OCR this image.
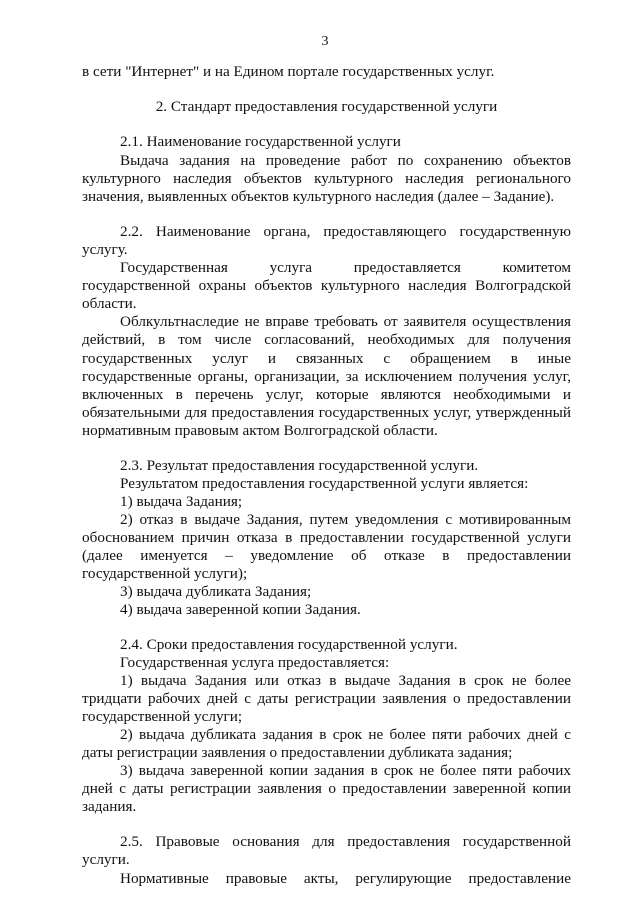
3
в сети "Интернет" и на Едином портале государственных услуг.
2. Стандарт предоставления государственной услуги
2.1. Наименование государственной услуги
Выдача задания на проведение работ по сохранению объектов
культурного наследия объектов культурного наследия регионального
значения, выявленных объектов культурного наследия (далее – Задание).
2.2. Наименование органа, предоставляющего государственную
услугу.
Государственная услуга предоставляется комитетом
государственной охраны объектов культурного наследия Волгоградской
области.
Облкультнаследие не вправе требовать от заявителя осуществления
действий, в том числе согласований, необходимых для получения
государственных услуг и связанных с обращением в иные
государственные органы, организации, за исключением получения услуг,
включенных в перечень услуг, которые являются необходимыми и
обязательными для предоставления государственных услуг, утвержденный
нормативным правовым актом Волгоградской области.
2.3. Результат предоставления государственной услуги.
Результатом предоставления государственной услуги является:
1) выдача Задания;
2) отказ в выдаче Задания, путем уведомления с мотивированным
обоснованием причин отказа в предоставлении государственной услуги
(далее именуется – уведомление об отказе в предоставлении
государственной услуги);
3) выдача дубликата Задания;
4) выдача заверенной копии Задания.
2.4. Сроки предоставления государственной услуги.
Государственная услуга предоставляется:
1) выдача Задания или отказ в выдаче Задания в срок не более
тридцати рабочих дней с даты регистрации заявления о предоставлении
государственной услуги;
2) выдача дубликата задания в срок не более пяти рабочих дней с
даты регистрации заявления о предоставлении дубликата задания;
3) выдача заверенной копии задания в срок не более пяти рабочих
дней с даты регистрации заявления о предоставлении заверенной копии
задания.
2.5. Правовые основания для предоставления государственной
услуги.
Нормативные правовые акты, регулирующие предоставление
